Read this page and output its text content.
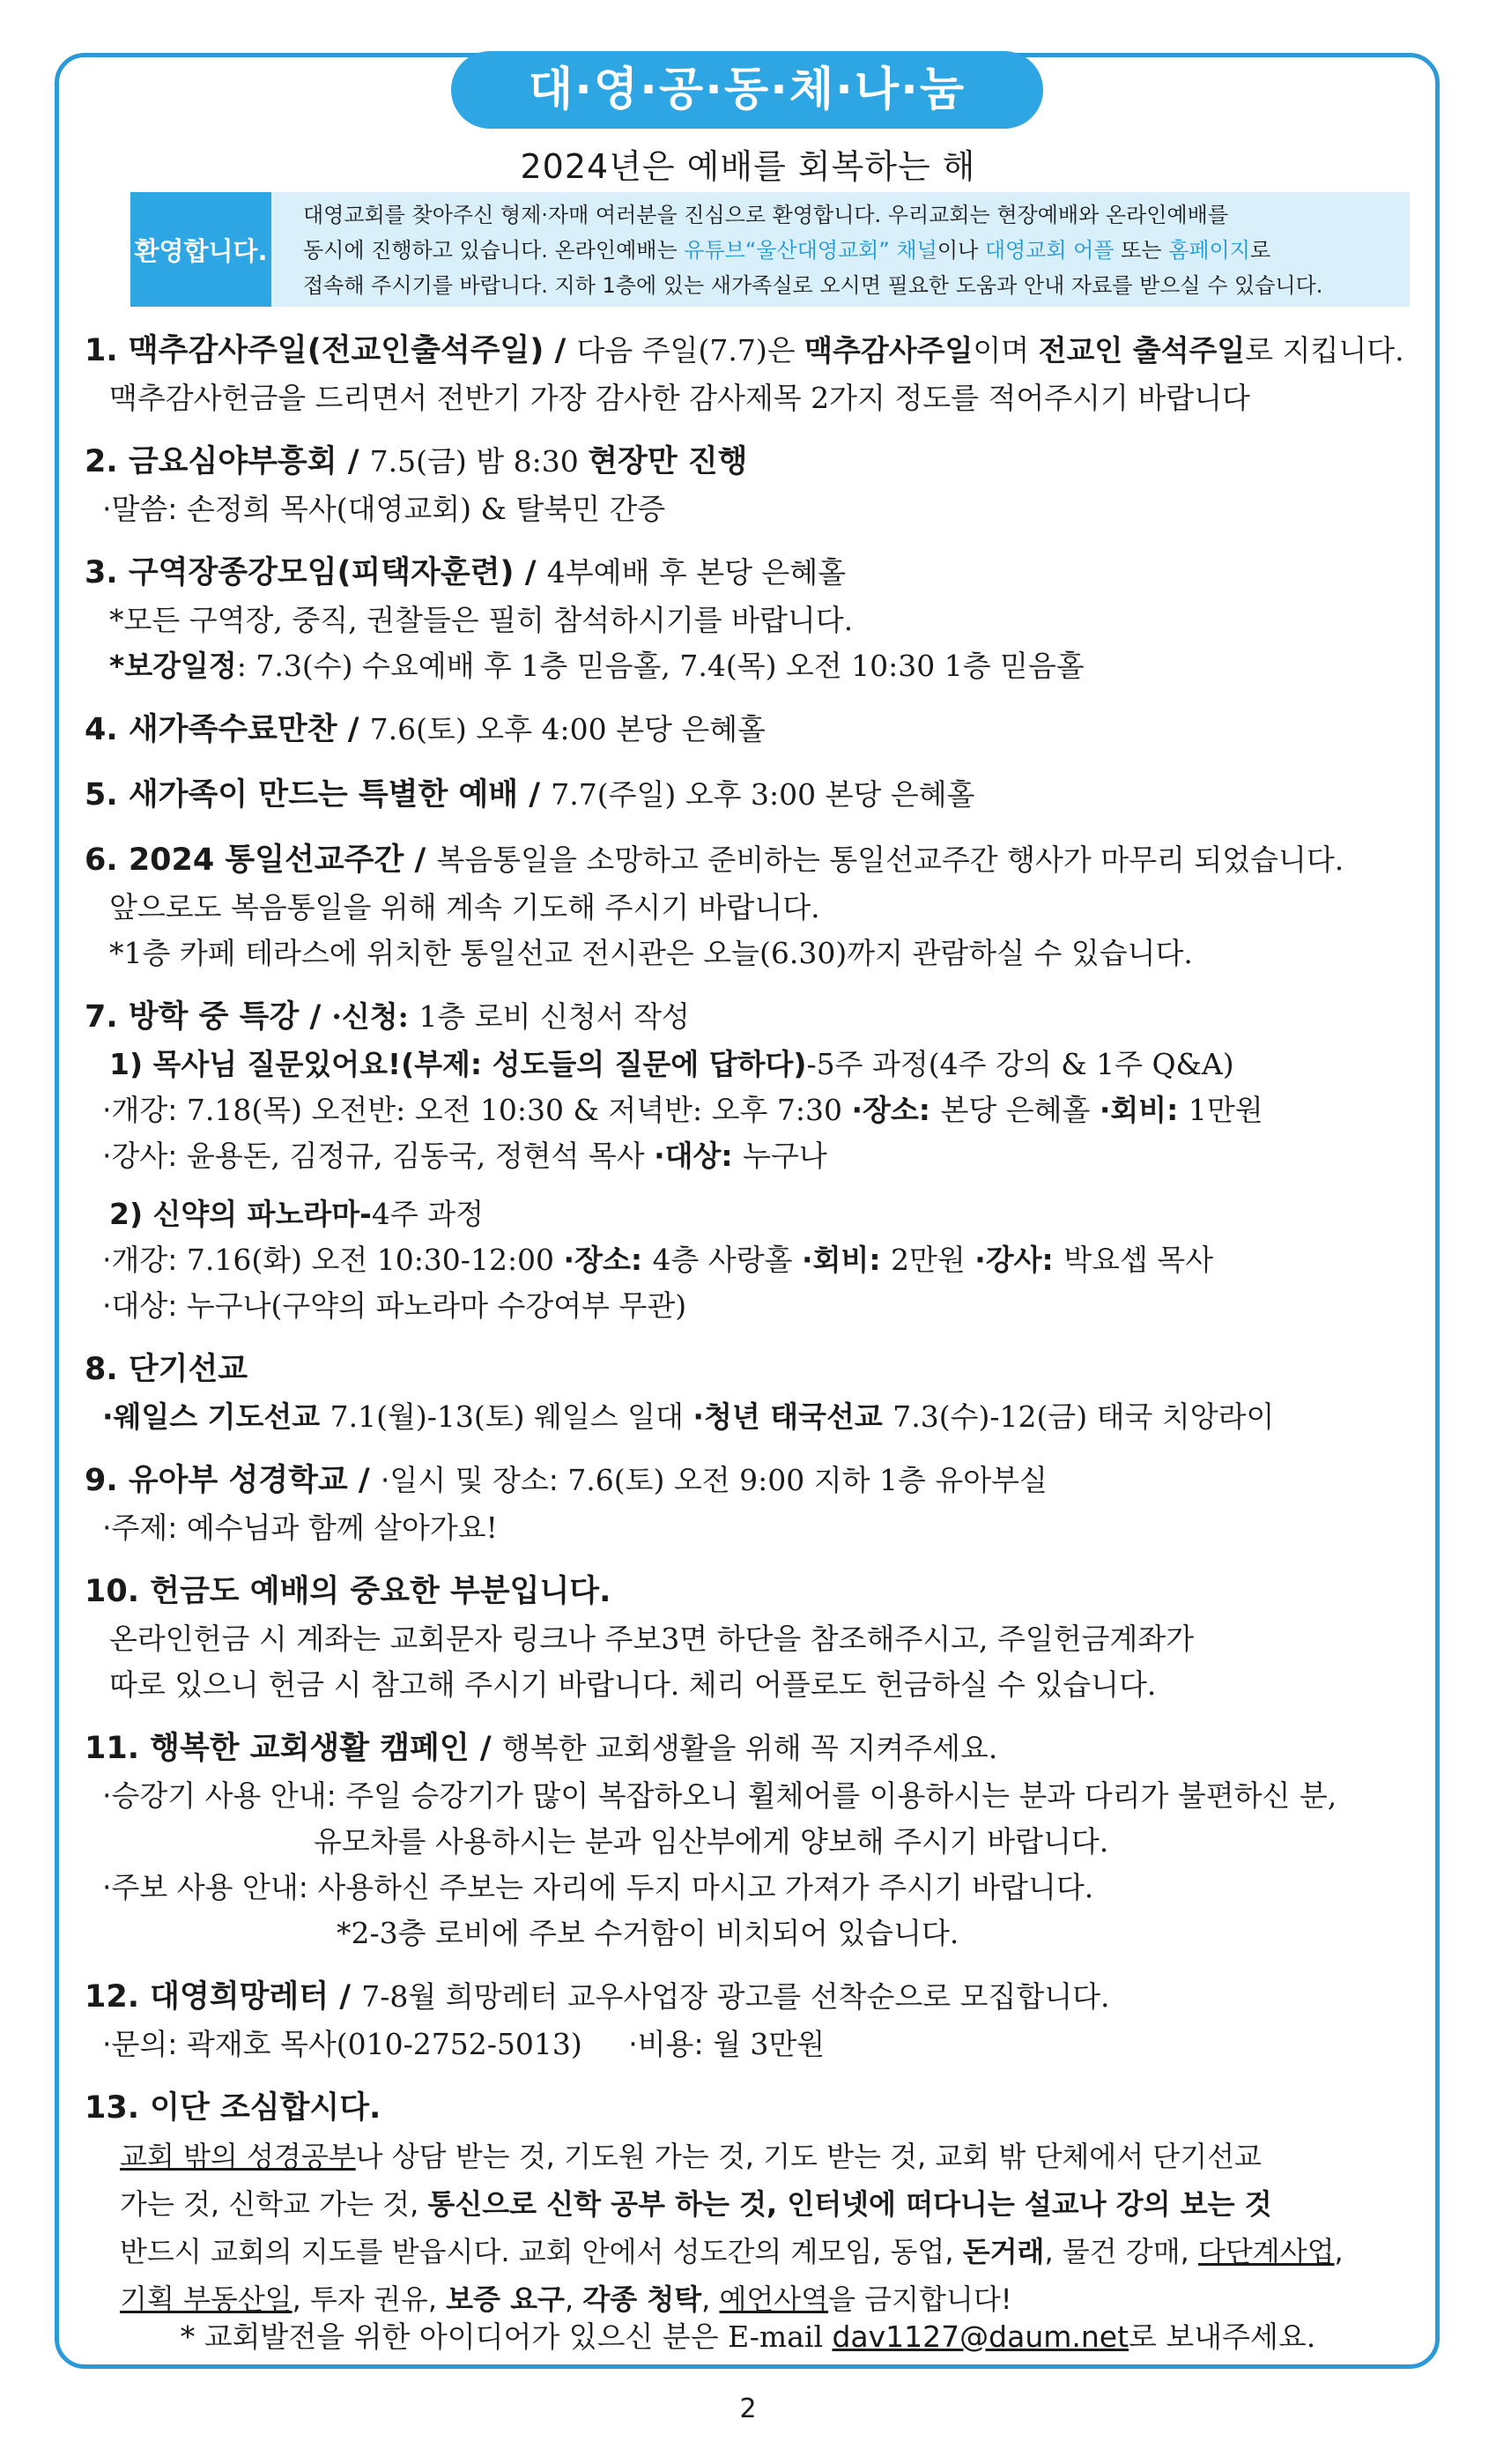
대·영·공·동·체·나·눔
2024년은 예배를 회복하는 해
환영합니다.
대영교회를 찾아주신 형제·자매 여러분을 진심으로 환영합니다. 우리교회는 현장예배와 온라인예배를
동시에 진행하고 있습니다. 온라인예배는 유튜브“울산대영교회” 채널이나 대영교회 어플 또는 홈페이지로
접속해 주시기를 바랍니다. 지하 1층에 있는 새가족실로 오시면 필요한 도움과 안내 자료를 받으실 수 있습니다.
1. 맥추감사주일(전교인출석주일) / 다음 주일(7.7)은 맥추감사주일이며 전교인 출석주일로 지킵니다.
맥추감사헌금을 드리면서 전반기 가장 감사한 감사제목 2가지 정도를 적어주시기 바랍니다
2. 금요심야부흥회 / 7.5(금) 밤 8:30 현장만 진행
·말씀: 손정희 목사(대영교회) & 탈북민 간증
3. 구역장종강모임(피택자훈련) / 4부예배 후 본당 은혜홀
*모든 구역장, 중직, 권찰들은 필히 참석하시기를 바랍니다.
*보강일정: 7.3(수) 수요예배 후 1층 믿음홀, 7.4(목) 오전 10:30 1층 믿음홀
4. 새가족수료만찬 / 7.6(토) 오후 4:00 본당 은혜홀
5. 새가족이 만드는 특별한 예배 / 7.7(주일) 오후 3:00 본당 은혜홀
6. 2024 통일선교주간 / 복음통일을 소망하고 준비하는 통일선교주간 행사가 마무리 되었습니다.
앞으로도 복음통일을 위해 계속 기도해 주시기 바랍니다.
*1층 카페 테라스에 위치한 통일선교 전시관은 오늘(6.30)까지 관람하실 수 있습니다.
7. 방학 중 특강 / ·신청: 1층 로비 신청서 작성
1) 목사님 질문있어요!(부제: 성도들의 질문에 답하다)-5주 과정(4주 강의 & 1주 Q&A)
·개강: 7.18(목) 오전반: 오전 10:30 & 저녁반: 오후 7:30 ·장소: 본당 은혜홀 ·회비: 1만원
·강사: 윤용돈, 김정규, 김동국, 정현석 목사 ·대상: 누구나
2) 신약의 파노라마-4주 과정
·개강: 7.16(화) 오전 10:30-12:00 ·장소: 4층 사랑홀 ·회비: 2만원 ·강사: 박요셉 목사
·대상: 누구나(구약의 파노라마 수강여부 무관)
8. 단기선교
·웨일스 기도선교 7.1(월)-13(토) 웨일스 일대 ·청년 태국선교 7.3(수)-12(금) 태국 치앙라이
9. 유아부 성경학교 / ·일시 및 장소: 7.6(토) 오전 9:00 지하 1층 유아부실
·주제: 예수님과 함께 살아가요!
10. 헌금도 예배의 중요한 부분입니다.
온라인헌금 시 계좌는 교회문자 링크나 주보3면 하단을 참조해주시고, 주일헌금계좌가
따로 있으니 헌금 시 참고해 주시기 바랍니다. 체리 어플로도 헌금하실 수 있습니다.
11. 행복한 교회생활 캠페인 / 행복한 교회생활을 위해 꼭 지켜주세요.
·승강기 사용 안내: 주일 승강기가 많이 복잡하오니 휠체어를 이용하시는 분과 다리가 불편하신 분,
유모차를 사용하시는 분과 임산부에게 양보해 주시기 바랍니다.
·주보 사용 안내: 사용하신 주보는 자리에 두지 마시고 가져가 주시기 바랍니다.
*2-3층 로비에 주보 수거함이 비치되어 있습니다.
12. 대영희망레터 / 7-8월 희망레터 교우사업장 광고를 선착순으로 모집합니다.
·문의: 곽재호 목사(010-2752-5013)     ·비용: 월 3만원
13. 이단 조심합시다.
교회 밖의 성경공부나 상담 받는 것, 기도원 가는 것, 기도 받는 것, 교회 밖 단체에서 단기선교
가는 것, 신학교 가는 것, 통신으로 신학 공부 하는 것, 인터넷에 떠다니는 설교나 강의 보는 것
반드시 교회의 지도를 받읍시다. 교회 안에서 성도간의 계모임, 동업, 돈거래, 물건 강매, 다단계사업,
기획 부동산일, 투자 권유, 보증 요구, 각종 청탁, 예언사역을 금지합니다!
* 교회발전을 위한 아이디어가 있으신 분은 E-mail dav1127@daum.net로 보내주세요.
2
